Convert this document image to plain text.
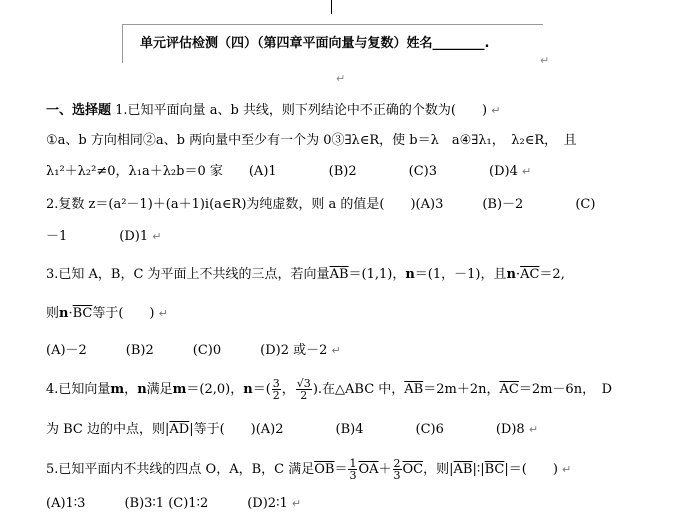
单元评估检测（四）（第四章平面向量与复数）姓名________.
↵
↵
一、选择题 1.已知平面向量 a、b 共线，则下列结论中不正确的个数为(　　) ↵
①a、b 方向相同②a、b 两向量中至少有一个为 0③∃λ∈R，使 b＝λ　a④∃λ₁，　λ₂∈R，　且
λ₁²＋λ₂²≠0，λ₁a＋λ₂b＝0 家　　(A)1　　　　(B)2　　　　(C)3　　　　(D)4 ↵
2.复数 z＝(a²－1)＋(a＋1)i(a∈R)为纯虚数，则 a 的值是(　　)(A)3　　　(B)－2　　　　(C)
－1　　　　(D)1 ↵
3.已知 A，B，C 为平面上不共线的三点，若向量$\overline{AB}=(1,1)$，n＝(1，－1)，且$n\cdot\overline{AC}=2$,
则$n\cdot\overline{BC}$等于(　　) ↵
(A)－2　　　(B)2　　　(C)0　　　(D)2 或－2 ↵
4.已知向量m，n满足m＝(2,0)，$n=( \frac{3}{2}$ ， $\frac{√3}{2}$ ).在△ABC 中，$\overline{AB}=2m+2n$，$\overline{AC}=2m-6n$，　D
为 BC 边的中点，则$|\overline{AD}|$等于(　　)(A)2　　　　(B)4　　　　(C)6　　　　(D)8 ↵
5.已知平面内不共线的四点 O，A，B，C 满足$\overline{OB}= \frac{1}{3} \overline{OA}+ \frac{2}{3} \overline{OC}$，则$|\overline{AB}|∶|\overline{BC}|=$(　　) ↵
(A)1∶3　　　(B)3∶1 (C)1∶2　　　(D)2∶1 ↵
